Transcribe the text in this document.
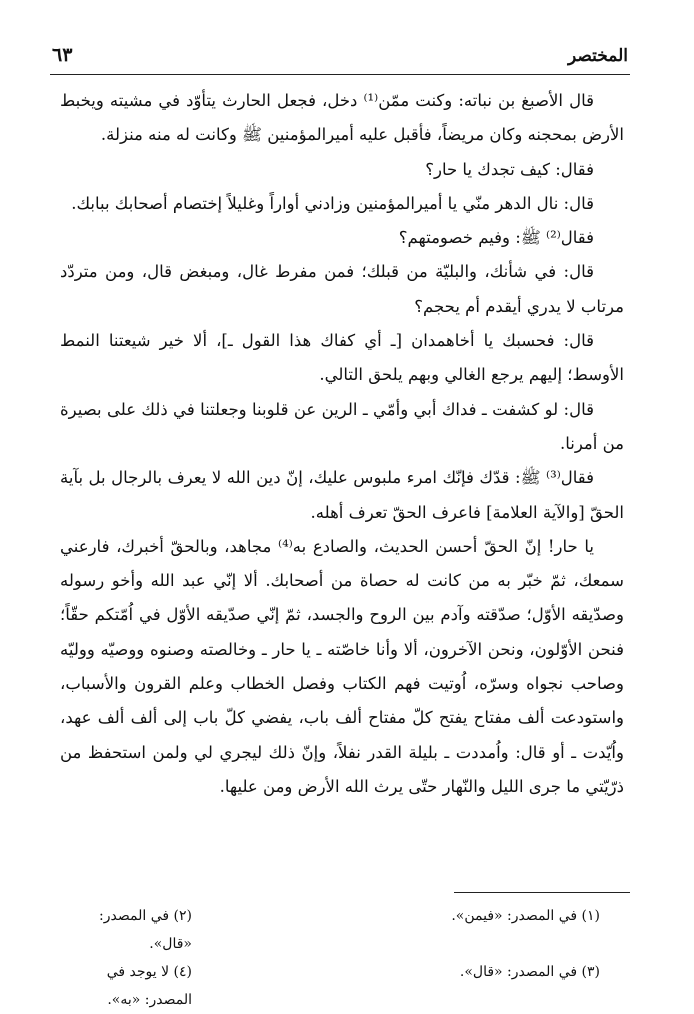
المختصر
٦٣

قال الأصبغ بن نباته: وكنت ممّن⁽¹⁾ دخل، فجعل الحارث يتأوّد في مشيته ويخبط الأرض بمحجنه وكان مريضاً، فأقبل عليه أميرالمؤمنين ﷺ وكانت له منه منزلة.

فقال: كيف تجدك يا حار؟

قال: نال الدهر منّي يا أميرالمؤمنين وزادني أواراً وغليلاً إختصام أصحابك ببابك.

فقال⁽²⁾ ﷺ: وفيم خصومتهم؟

قال: في شأنك، والبليّة من قبلك؛ فمن مفرط غال، ومبغض قال، ومن متردّد مرتاب لا يدري أيقدم أم يحجم؟

قال: فحسبك يا أخاهمدان [ـ أي كفاك هذا القول ـ]، ألا خير شيعتنا النمط الأوسط؛ إليهم يرجع الغالي وبهم يلحق التالي.

قال: لو كشفت ـ فداك أبي وأمّي ـ الرين عن قلوبنا وجعلتنا في ذلك على بصيرة من أمرنا.

فقال⁽³⁾ ﷺ: قدّك فإنّك امرء ملبوس عليك، إنّ دين الله لا يعرف بالرجال بل بآية الحقّ [والآية العلامة] فاعرف الحقّ تعرف أهله.

يا حار! إنّ الحقّ أحسن الحديث، والصادع به⁽⁴⁾ مجاهد، وبالحقّ أخبرك، فارعني سمعك، ثمّ خبّر به من كانت له حصاة من أصحابك. ألا إنّي عبد الله وأخو رسوله وصدّيقه الأوّل؛ صدّقته وآدم بين الروح والجسد، ثمّ إنّي صدّيقه الأوّل في اُمّتكم حقّاً؛ فنحن الأوّلون، ونحن الآخرون، ألا وأنا خاصّته ـ يا حار ـ وخالصته وصنوه ووصيّه ووليّه وصاحب نجواه وسرّه، اُوتيت فهم الكتاب وفصل الخطاب وعلم القرون والأسباب، واستودعت ألف مفتاح يفتح كلّ مفتاح ألف باب، يفضي كلّ باب إلى ألف ألف عهد، واُيّدت ـ أو قال: واُمددت ـ بليلة القدر نفلاً، وإنّ ذلك ليجري لي ولمن استحفظ من ذرّيّتي ما جرى الليل والنّهار حتّى يرث الله الأرض ومن عليها.

(١) في المصدر: «فيمن».
(٢) في المصدر: «قال».
(٣) في المصدر: «قال».
(٤) لا يوجد في المصدر: «به».
